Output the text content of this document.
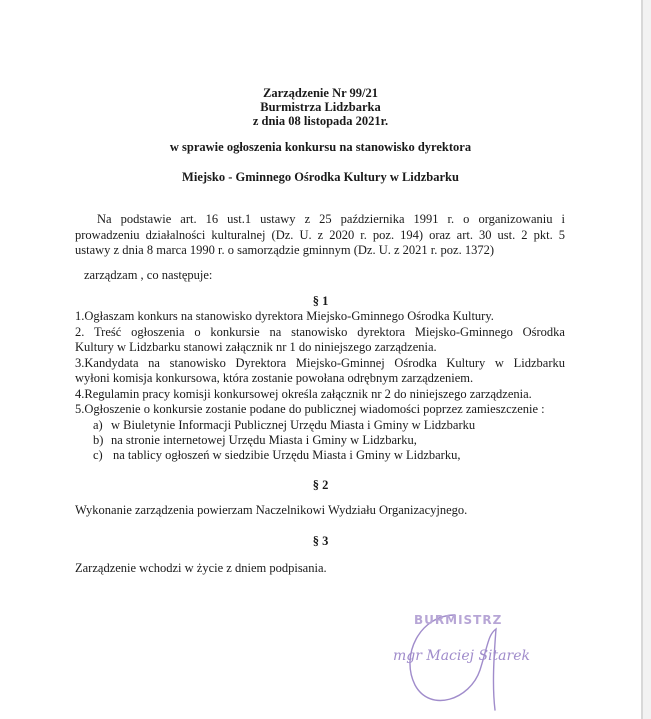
Zarządzenie Nr 99/21
Burmistrza Lidzbarka
z dnia 08 listopada 2021r.
w sprawie ogłoszenia konkursu na stanowisko dyrektora
Miejsko - Gminnego Ośrodka Kultury w Lidzbarku
Na podstawie art. 16 ust.1 ustawy z 25 października 1991 r. o organizowaniu i
prowadzeniu działalności kulturalnej (Dz. U. z 2020 r. poz. 194) oraz art. 30 ust. 2 pkt. 5
ustawy z dnia 8 marca 1990 r. o samorządzie gminnym (Dz. U. z 2021 r. poz. 1372)
zarządzam , co następuje:
§ 1
1.Ogłaszam konkurs na stanowisko dyrektora Miejsko-Gminnego Ośrodka Kultury.
2. Treść ogłoszenia o konkursie na stanowisko dyrektora Miejsko-Gminnego Ośrodka
Kultury w Lidzbarku stanowi załącznik nr 1 do niniejszego zarządzenia.
3.Kandydata na stanowisko Dyrektora Miejsko-Gminnej Ośrodka Kultury w Lidzbarku
wyłoni komisja konkursowa, która zostanie powołana odrębnym zarządzeniem.
4.Regulamin pracy komisji konkursowej określa załącznik nr 2 do niniejszego zarządzenia.
5.Ogłoszenie o konkursie zostanie podane do publicznej wiadomości poprzez zamieszczenie :
a) w Biuletynie Informacji Publicznej Urzędu Miasta i Gminy w Lidzbarku
b) na stronie internetowej Urzędu Miasta i Gminy w Lidzbarku,
c) na tablicy ogłoszeń w siedzibie Urzędu Miasta i Gminy w Lidzbarku,
§ 2
Wykonanie zarządzenia powierzam Naczelnikowi Wydziału Organizacyjnego.
§ 3
Zarządzenie wchodzi w życie z dniem podpisania.
BURMISTRZ
mgr Maciej Sitarek
